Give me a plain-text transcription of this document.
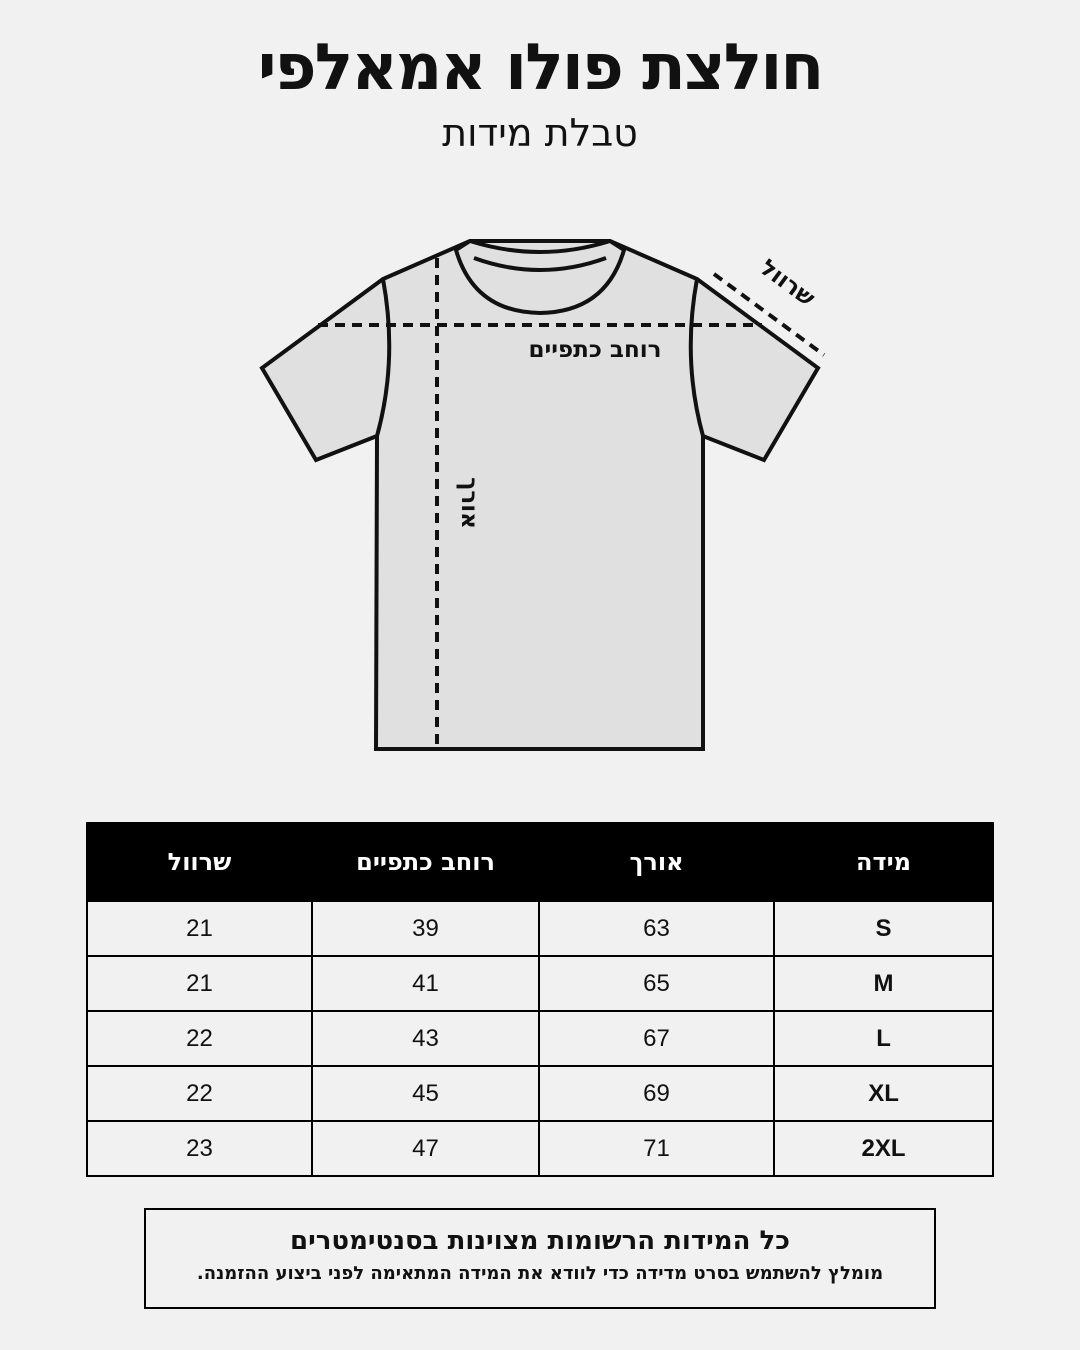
חולצת פולו אמאלפי
טבלת מידות
רוחב כתפיים
אורך
שרוול
מידה	אורך	רוחב כתפיים	שרוול
S	63	39	21
M	65	41	21
L	67	43	22
XL	69	45	22
2XL	71	47	23
כל המידות הרשומות מצוינות בסנטימטרים
מומלץ להשתמש בסרט מדידה כדי לוודא את המידה המתאימה לפני ביצוע ההזמנה.
